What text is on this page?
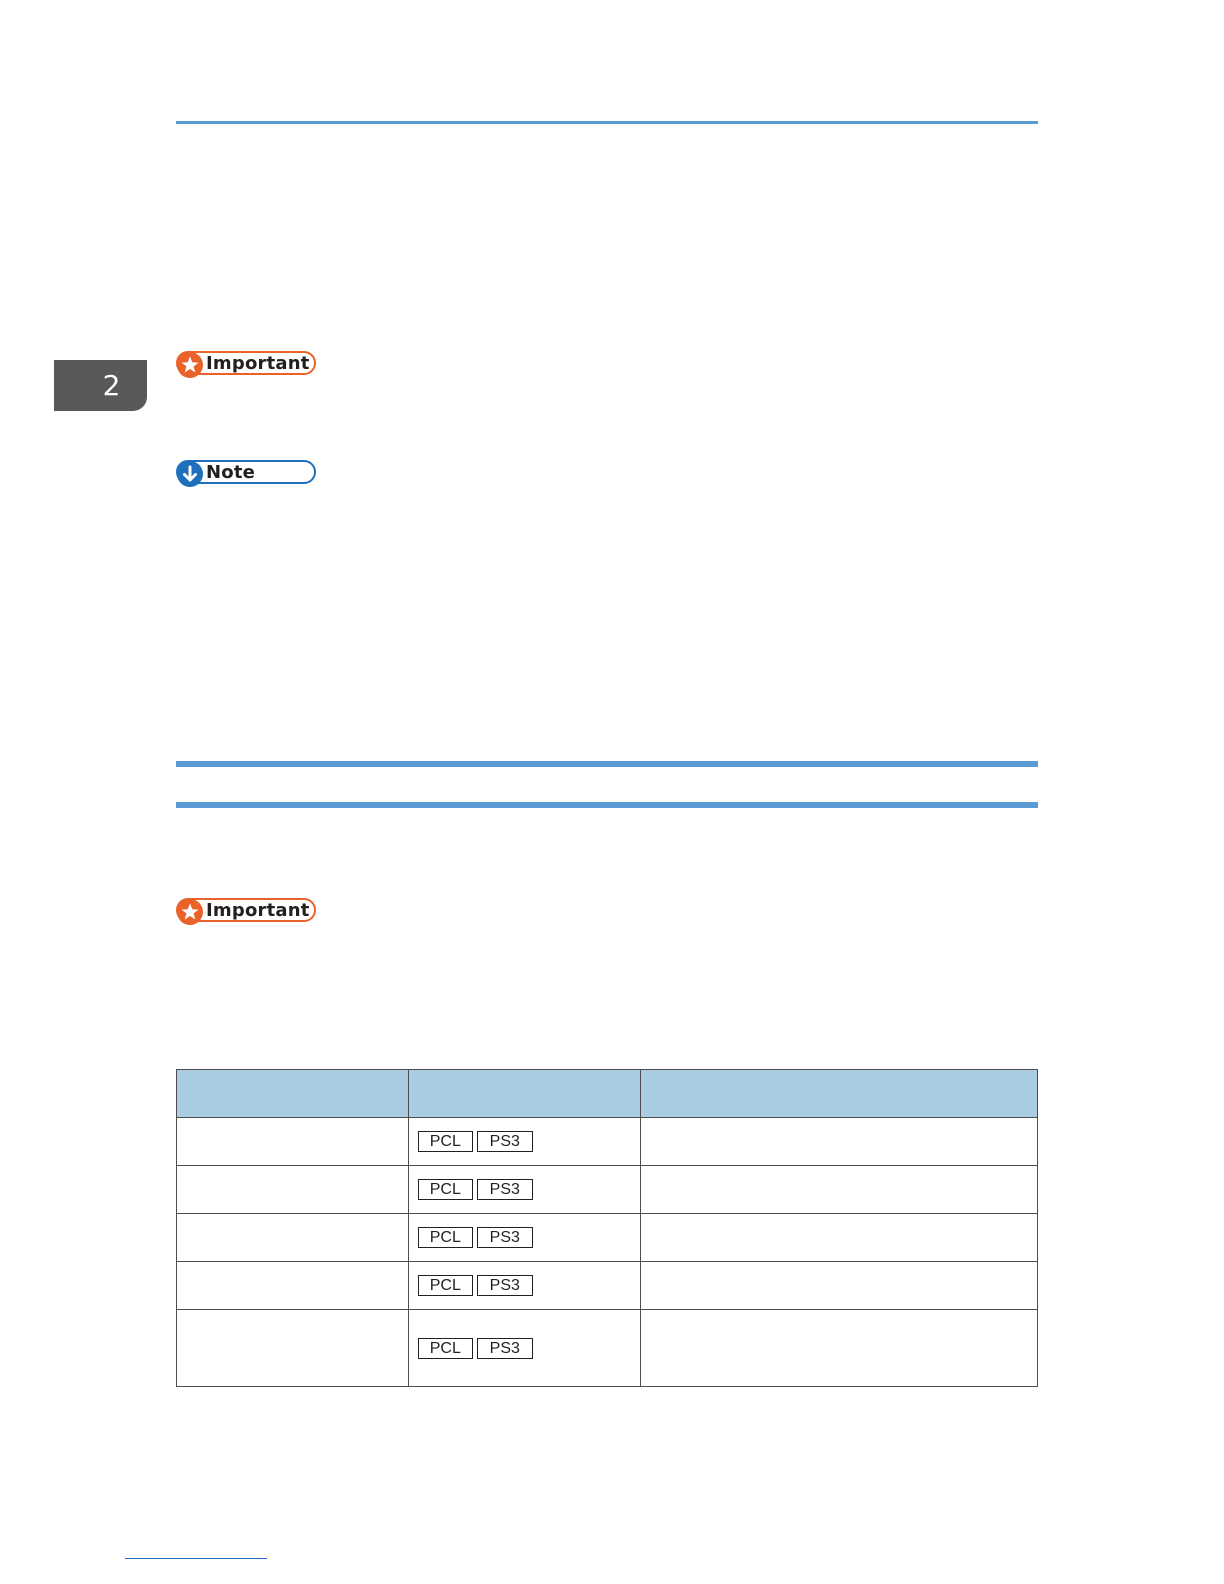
2
Important
Note
Important

	PCL PS3	
	PCL PS3	
	PCL PS3	
	PCL PS3	
	PCL PS3	
